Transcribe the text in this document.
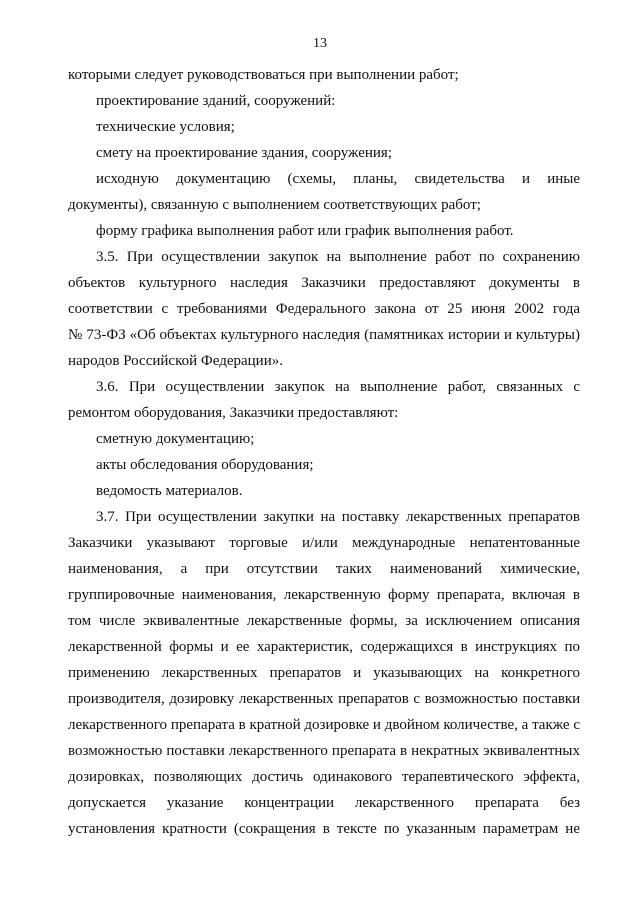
13
которыми следует руководствоваться при выполнении работ;
проектирование зданий, сооружений:
технические условия;
смету на проектирование здания, сооружения;
исходную документацию (схемы, планы, свидетельства и иные
документы), связанную с выполнением соответствующих работ;
форму графика выполнения работ или график выполнения работ.
3.5. При осуществлении закупок на выполнение работ по сохранению
объектов культурного наследия Заказчики предоставляют документы в
соответствии с требованиями Федерального закона от 25 июня 2002 года
№ 73-ФЗ «Об объектах культурного наследия (памятниках истории и культуры)
народов Российской Федерации».
3.6. При осуществлении закупок на выполнение работ, связанных с
ремонтом оборудования, Заказчики предоставляют:
сметную документацию;
акты обследования оборудования;
ведомость материалов.
3.7. При осуществлении закупки на поставку лекарственных препаратов
Заказчики указывают торговые и/или международные непатентованные
наименования, а при отсутствии таких наименований химические,
группировочные наименования, лекарственную форму препарата, включая в
том числе эквивалентные лекарственные формы, за исключением описания
лекарственной формы и ее характеристик, содержащихся в инструкциях по
применению лекарственных препаратов и указывающих на конкретного
производителя, дозировку лекарственных препаратов с возможностью поставки
лекарственного препарата в кратной дозировке и двойном количестве, а также с
возможностью поставки лекарственного препарата в некратных эквивалентных
дозировках, позволяющих достичь одинакового терапевтического эффекта,
допускается указание концентрации лекарственного препарата без
установления кратности (сокращения в тексте по указанным параметрам не
